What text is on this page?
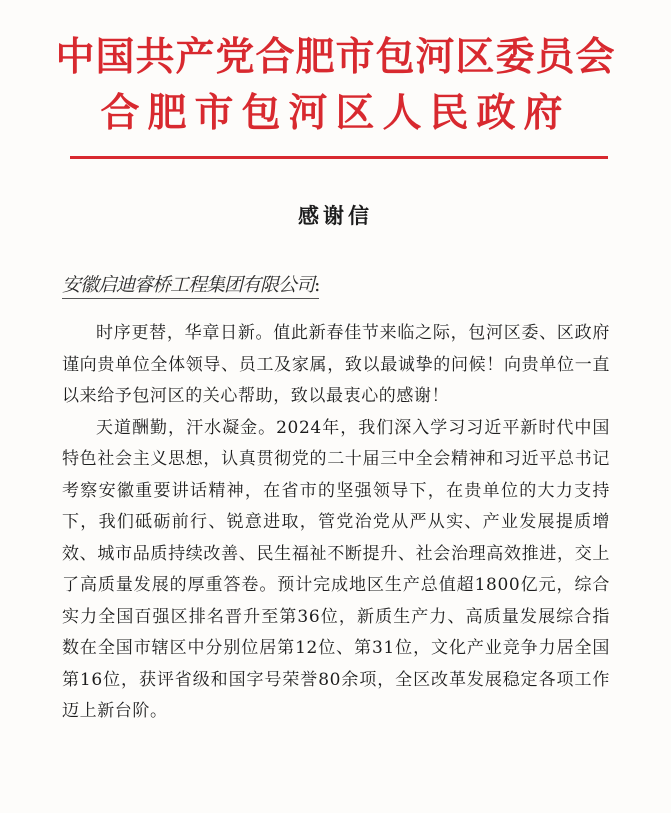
中国共产党合肥市包河区委员会
合肥市包河区人民政府
感谢信
安徽启迪睿桥工程集团有限公司:

时序更替，华章日新。值此新春佳节来临之际，包河区委、区政府谨向贵单位全体领导、员工及家属，致以最诚挚的问候！向贵单位一直以来给予包河区的关心帮助，致以最衷心的感谢！

天道酬勤，汗水凝金。2024年，我们深入学习习近平新时代中国特色社会主义思想，认真贯彻党的二十届三中全会精神和习近平总书记考察安徽重要讲话精神，在省市的坚强领导下，在贵单位的大力支持下，我们砥砺前行、锐意进取，管党治党从严从实、产业发展提质增效、城市品质持续改善、民生福祉不断提升、社会治理高效推进，交上了高质量发展的厚重答卷。预计完成地区生产总值超1800亿元，综合实力全国百强区排名晋升至第36位，新质生产力、高质量发展综合指数在全国市辖区中分别位居第12位、第31位，文化产业竞争力居全国第16位，获评省级和国字号荣誉80余项，全区改革发展稳定各项工作迈上新台阶。
